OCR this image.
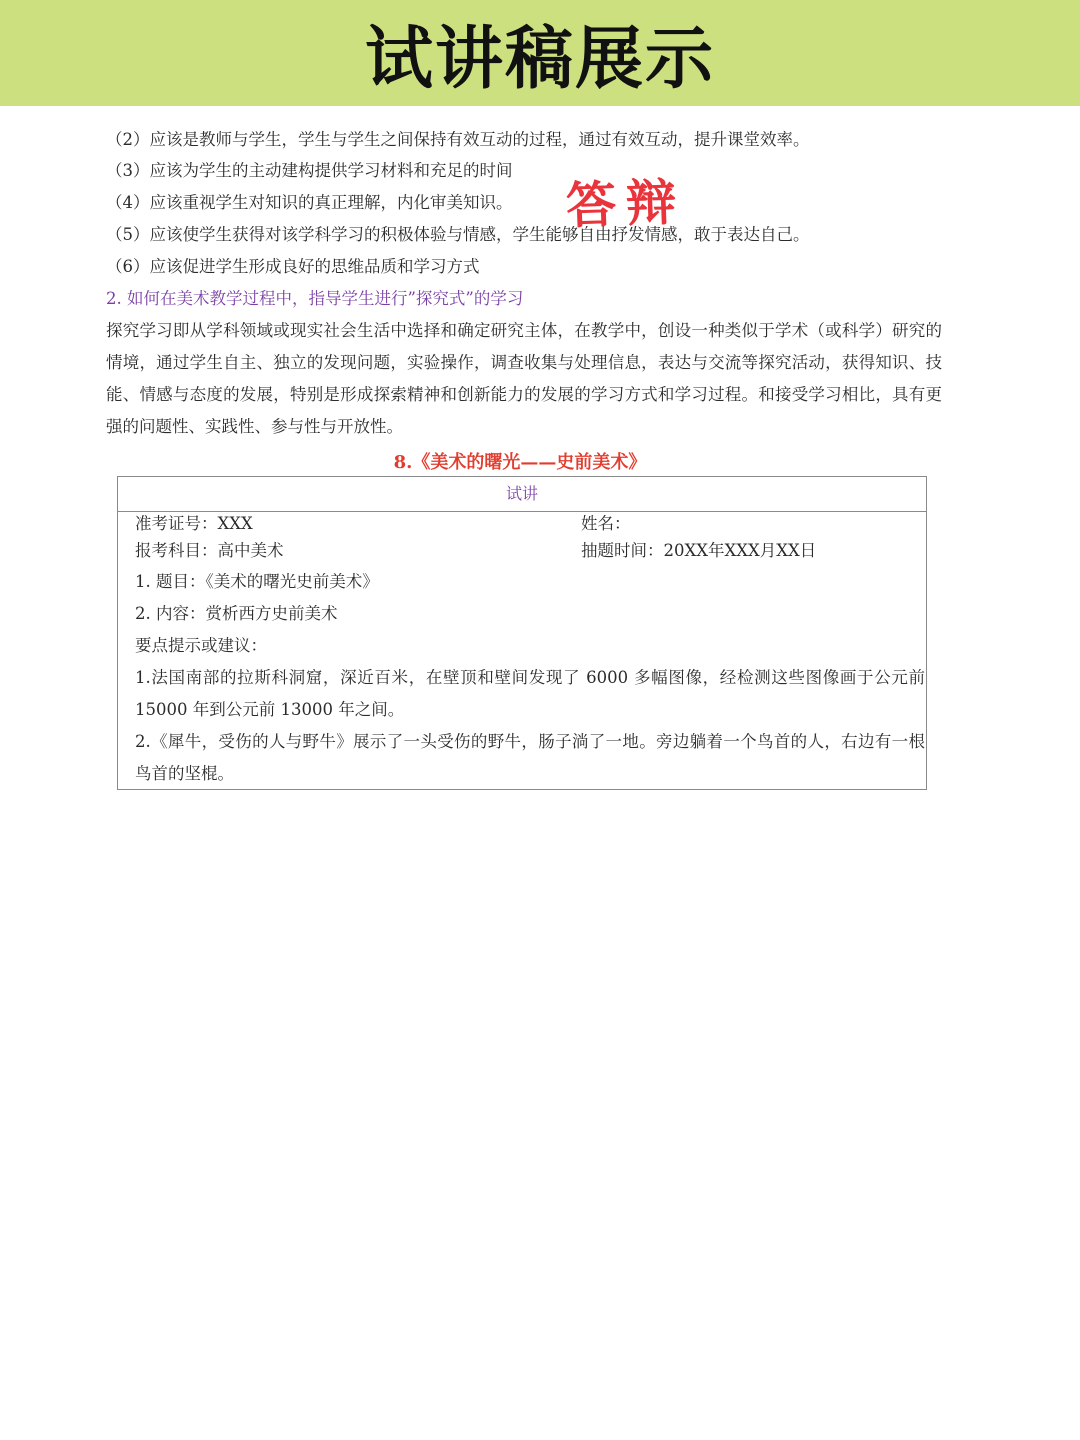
试讲稿展示
（2）应该是教师与学生，学生与学生之间保持有效互动的过程，通过有效互动，提升课堂效率。
（3）应该为学生的主动建构提供学习材料和充足的时间
（4）应该重视学生对知识的真正理解，内化审美知识。
（5）应该使学生获得对该学科学习的积极体验与情感，学生能够自由抒发情感，敢于表达自己。
（6）应该促进学生形成良好的思维品质和学习方式
答辩
2. 如何在美术教学过程中，指导学生进行”探究式”的学习
探究学习即从学科领域或现实社会生活中选择和确定研究主体，在教学中，创设一种类似于学术（或科学）研究的情境，通过学生自主、独立的发现问题，实验操作，调查收集与处理信息，表达与交流等探究活动，获得知识、技能、情感与态度的发展，特别是形成探索精神和创新能力的发展的学习方式和学习过程。和接受学习相比，具有更强的问题性、实践性、参与性与开放性。
8.《美术的曙光——史前美术》
试讲
准考证号：XXX	姓名：
报考科目：高中美术	抽题时间：20XX年XXX月XX日
1. 题目：《美术的曙光史前美术》
2. 内容：赏析西方史前美术
要点提示或建议：
1.法国南部的拉斯科洞窟，深近百米，在壁顶和壁间发现了 6000 多幅图像，经检测这些图像画于公元前 15000 年到公元前 13000 年之间。
2.《犀牛，受伤的人与野牛》展示了一头受伤的野牛，肠子淌了一地。旁边躺着一个鸟首的人，右边有一根鸟首的坚棍。
